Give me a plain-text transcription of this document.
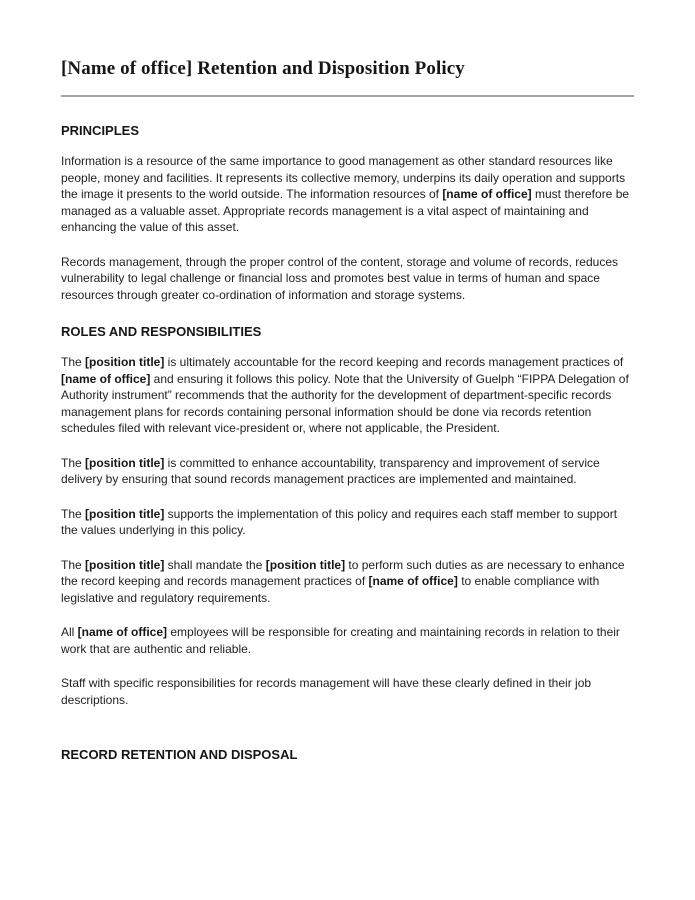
[Name of office] Retention and Disposition Policy
PRINCIPLES

Information is a resource of the same importance to good management as other standard resources like people, money and facilities. It represents its collective memory, underpins its daily operation and supports the image it presents to the world outside. The information resources of [name of office] must therefore be managed as a valuable asset. Appropriate records management is a vital aspect of maintaining and enhancing the value of this asset.

Records management, through the proper control of the content, storage and volume of records, reduces vulnerability to legal challenge or financial loss and promotes best value in terms of human and space resources through greater co-ordination of information and storage systems.

ROLES AND RESPONSIBILITIES

The [position title] is ultimately accountable for the record keeping and records management practices of [name of office] and ensuring it follows this policy. Note that the University of Guelph “FIPPA Delegation of Authority instrument” recommends that the authority for the development of department-specific records management plans for records containing personal information should be done via records retention schedules filed with relevant vice-president or, where not applicable, the President.

The [position title] is committed to enhance accountability, transparency and improvement of service delivery by ensuring that sound records management practices are implemented and maintained.

The [position title] supports the implementation of this policy and requires each staff member to support the values underlying in this policy.

The [position title] shall mandate the [position title] to perform such duties as are necessary to enhance the record keeping and records management practices of [name of office] to enable compliance with legislative and regulatory requirements.

All [name of office] employees will be responsible for creating and maintaining records in relation to their work that are authentic and reliable.

Staff with specific responsibilities for records management will have these clearly defined in their job descriptions.

RECORD RETENTION AND DISPOSAL
